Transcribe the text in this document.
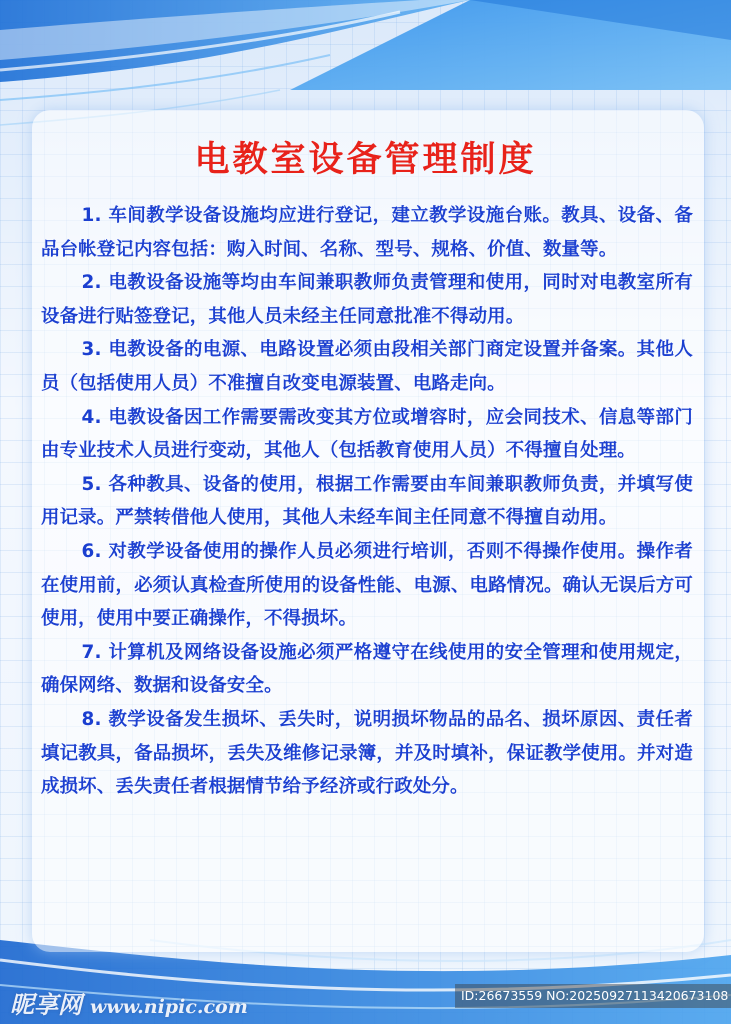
电教室设备管理制度

1. 车间教学设备设施均应进行登记，建立教学设施台账。教具、设备、备品台帐登记内容包括：购入时间、名称、型号、规格、价值、数量等。

2. 电教设备设施等均由车间兼职教师负责管理和使用，同时对电教室所有设备进行贴签登记，其他人员未经主任同意批准不得动用。

3. 电教设备的电源、电路设置必须由段相关部门商定设置并备案。其他人员（包括使用人员）不准擅自改变电源装置、电路走向。

4. 电教设备因工作需要需改变其方位或增容时，应会同技术、信息等部门由专业技术人员进行变动，其他人（包括教育使用人员）不得擅自处理。

5. 各种教具、设备的使用，根据工作需要由车间兼职教师负责，并填写使用记录。严禁转借他人使用，其他人未经车间主任同意不得擅自动用。

6. 对教学设备使用的操作人员必须进行培训，否则不得操作使用。操作者在使用前，必须认真检查所使用的设备性能、电源、电路情况。确认无误后方可使用，使用中要正确操作，不得损坏。

7. 计算机及网络设备设施必须严格遵守在线使用的安全管理和使用规定，确保网络、数据和设备安全。

8. 教学设备发生损坏、丢失时，说明损坏物品的品名、损坏原因、责任者填记教具，备品损坏，丢失及维修记录簿，并及时填补，保证教学使用。并对造成损坏、丢失责任者根据情节给予经济或行政处分。

昵享网 www.nipic.com
ID:26673559 NO:20250927113420673108
